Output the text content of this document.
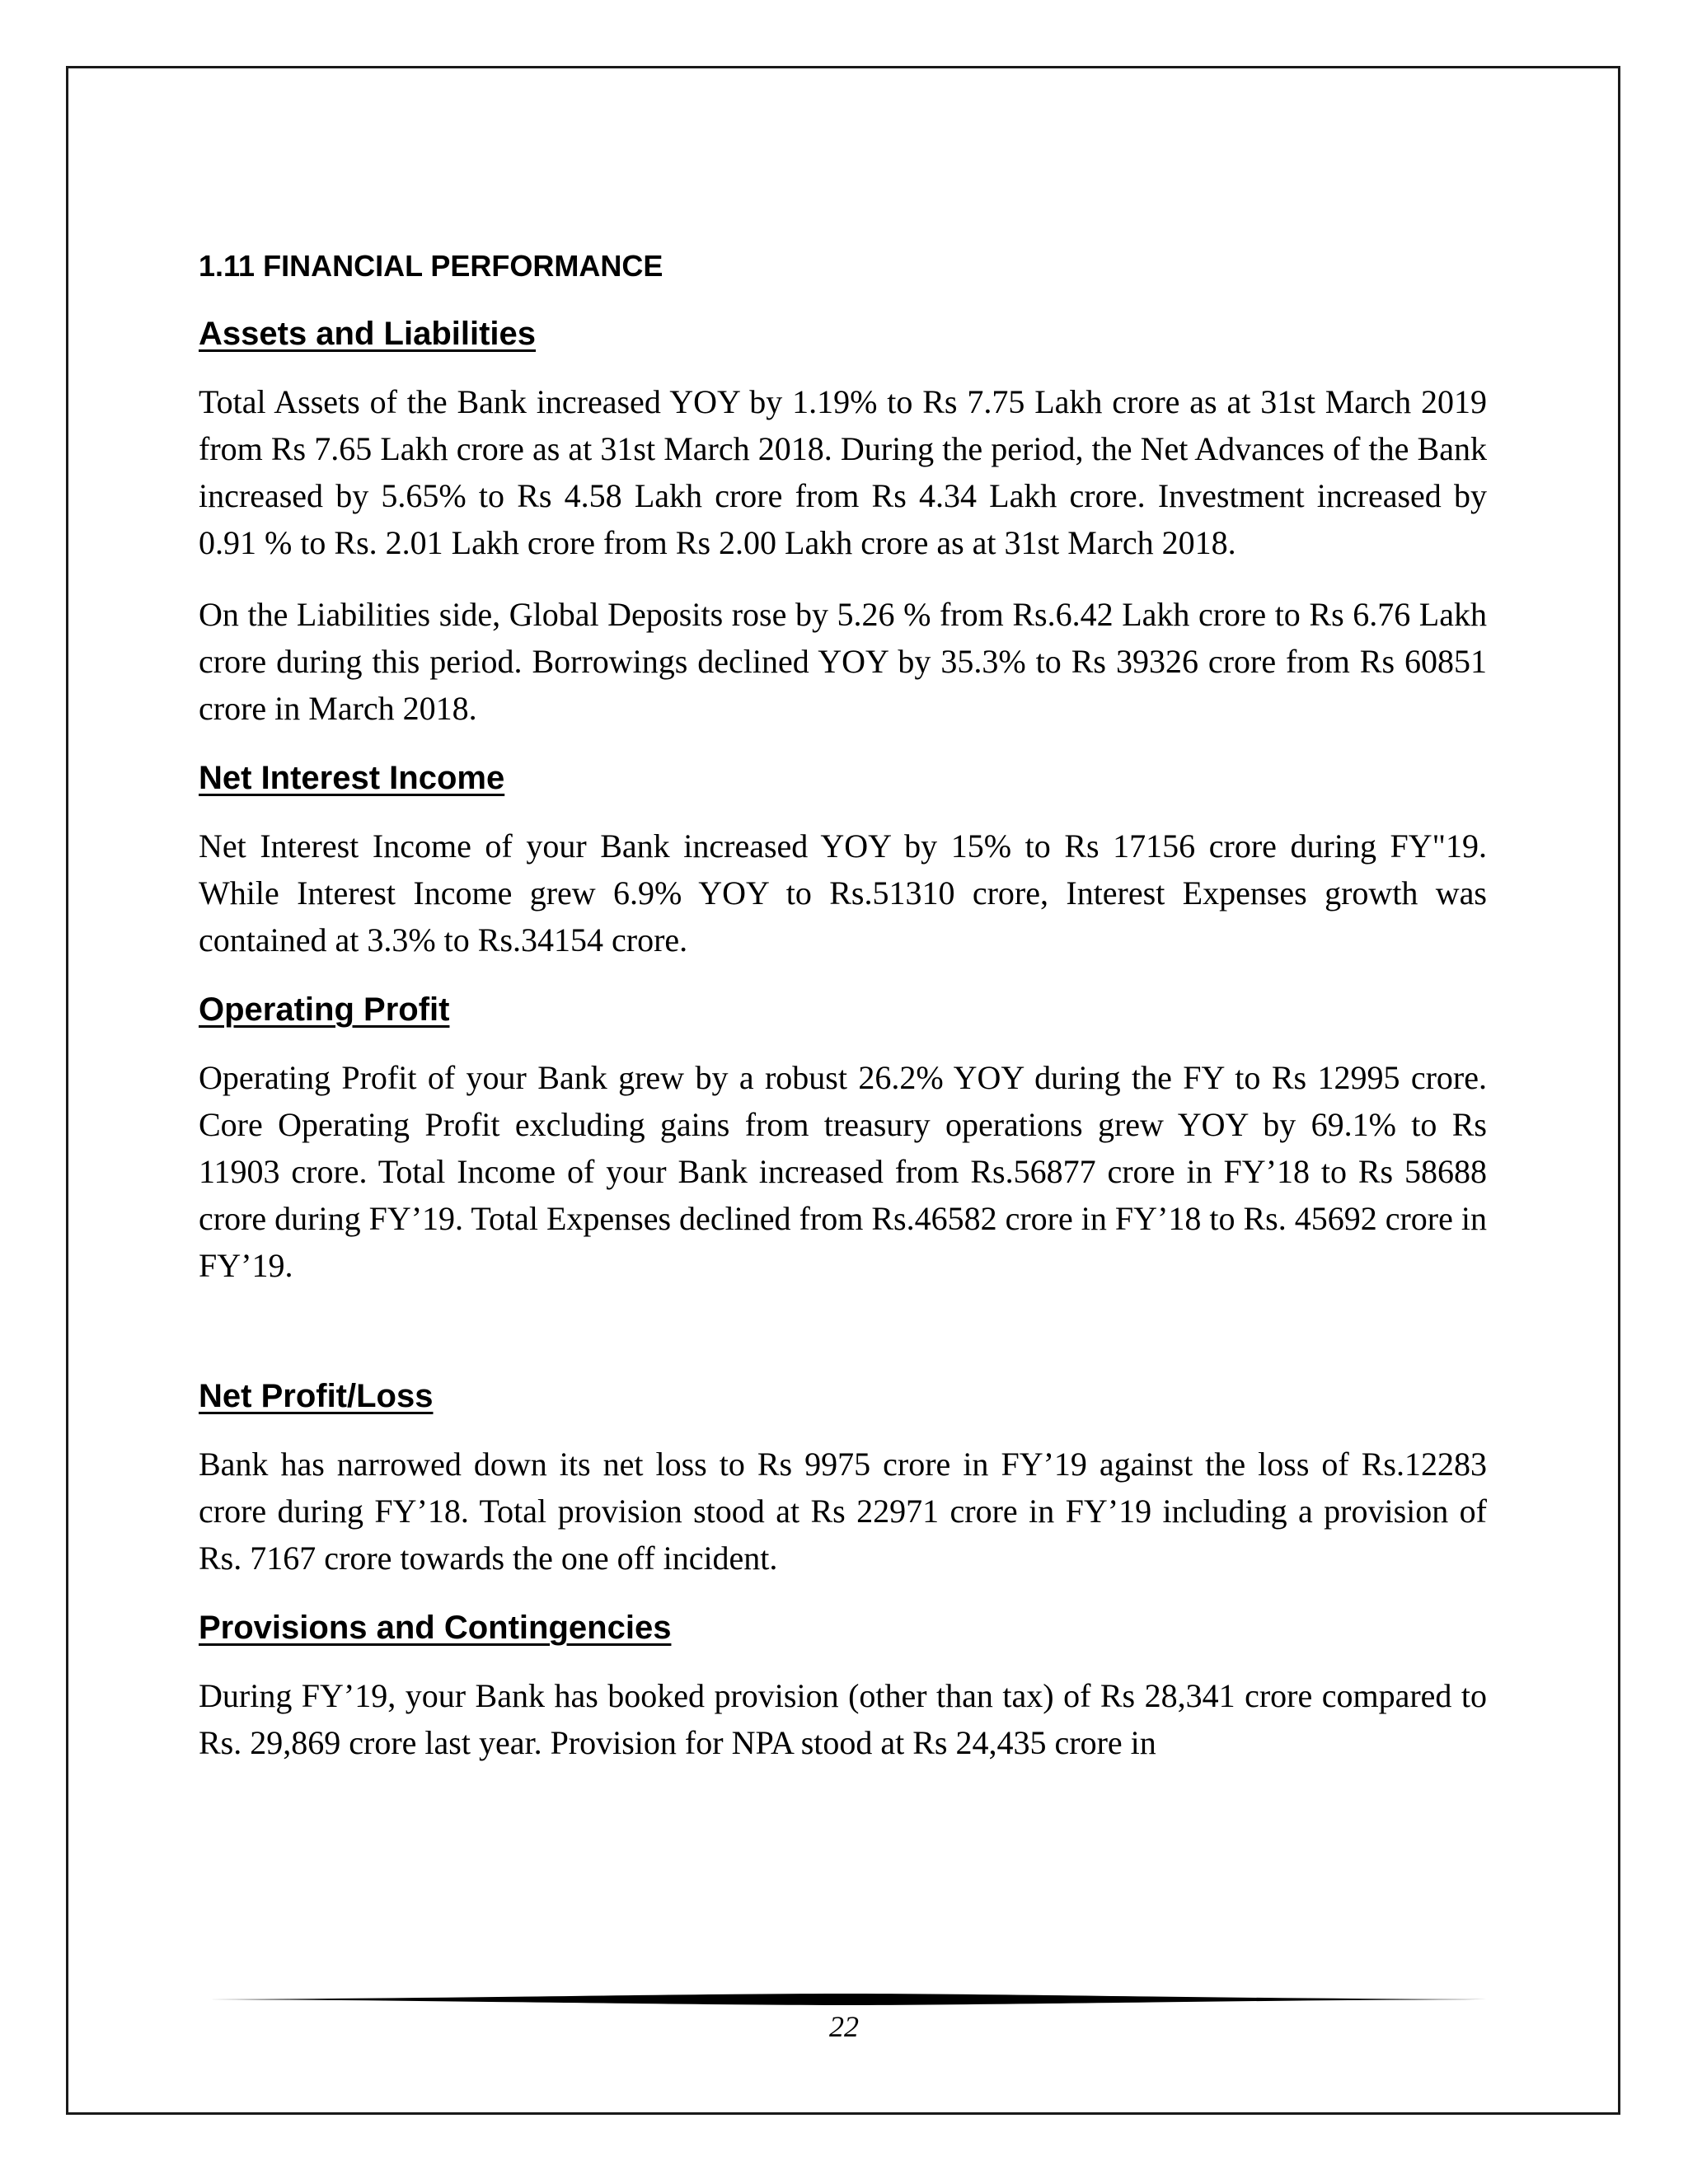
1.11 FINANCIAL PERFORMANCE
Assets and Liabilities

Total Assets of the Bank increased YOY by 1.19% to Rs 7.75 Lakh crore as at 31st March 2019 from Rs 7.65 Lakh crore as at 31st March 2018. During the period, the Net Advances of the Bank increased by 5.65% to Rs 4.58 Lakh crore from Rs 4.34 Lakh crore. Investment increased by 0.91 % to Rs. 2.01 Lakh crore from Rs 2.00 Lakh crore as at 31st March 2018.

On the Liabilities side, Global Deposits rose by 5.26 % from Rs.6.42 Lakh crore to Rs 6.76 Lakh crore during this period. Borrowings declined YOY by 35.3% to Rs 39326 crore from Rs 60851 crore in March 2018.

Net Interest Income

Net Interest Income of your Bank increased YOY by 15% to Rs 17156 crore during FY"19. While Interest Income grew 6.9% YOY to Rs.51310 crore, Interest Expenses growth was contained at 3.3% to Rs.34154 crore.

Operating Profit

Operating Profit of your Bank grew by a robust 26.2% YOY during the FY to Rs 12995 crore. Core Operating Profit excluding gains from treasury operations grew YOY by 69.1% to Rs 11903 crore. Total Income of your Bank increased from Rs.56877 crore in FY’18 to Rs 58688 crore during FY’19. Total Expenses declined from Rs.46582 crore in FY’18 to Rs. 45692 crore in FY’19.

Net Profit/Loss

Bank has narrowed down its net loss to Rs 9975 crore in FY’19 against the loss of Rs.12283 crore during FY’18. Total provision stood at Rs 22971 crore in FY’19 including a provision of Rs. 7167 crore towards the one off incident.

Provisions and Contingencies

During FY’19, your Bank has booked provision (other than tax) of Rs 28,341 crore compared to Rs. 29,869 crore last year. Provision for NPA stood at Rs 24,435 crore in

22
